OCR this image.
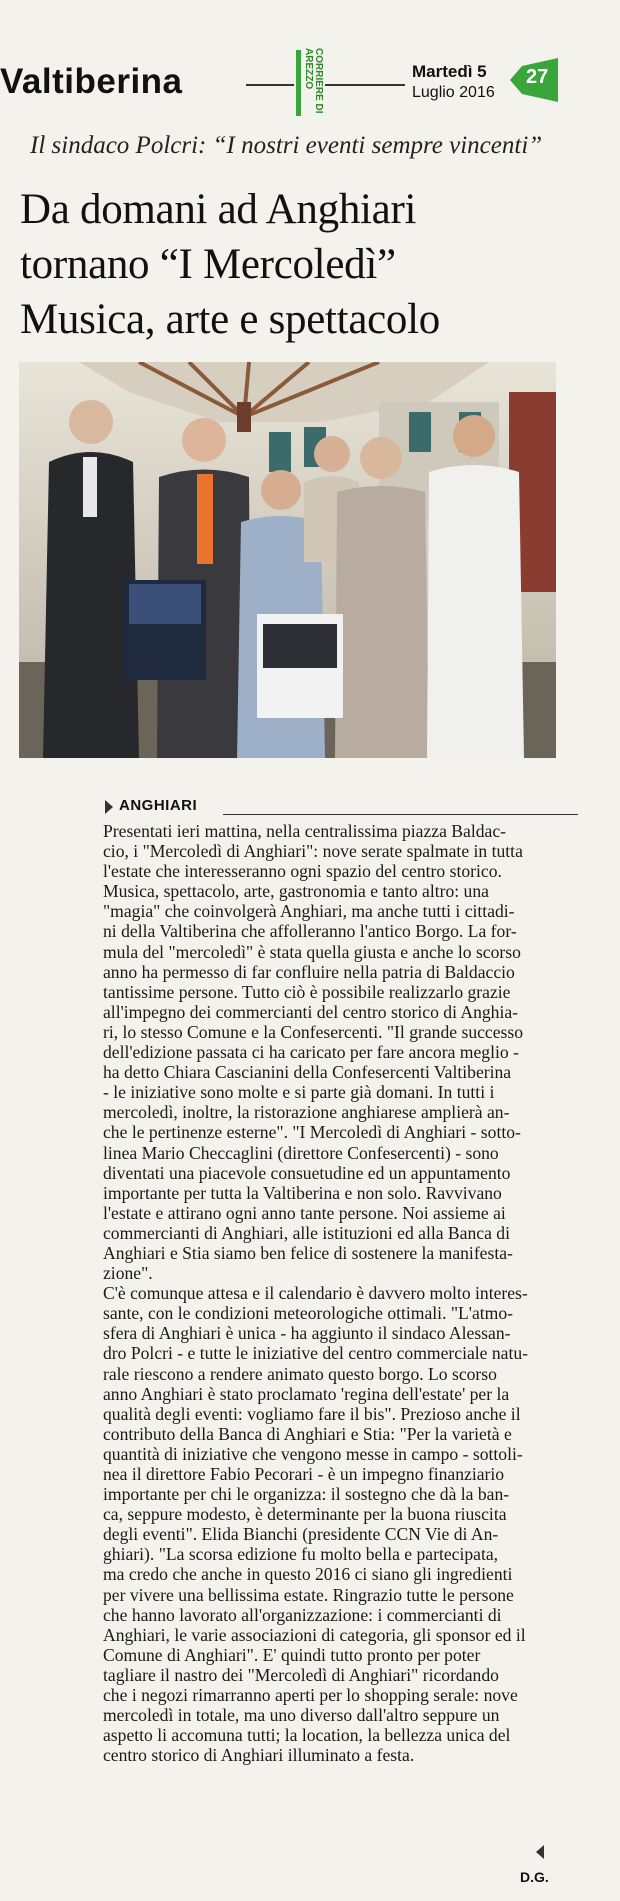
Valtiberina	CORRIERE DI AREZZO	Martedì 5
Luglio 2016
27
Il sindaco Polcri: “I nostri eventi sempre vincenti”
Da domani ad Anghiari
tornano “I Mercoledì”
Musica, arte e spettacolo
ANGHIARI
Presentati ieri mattina, nella centralissima piazza Baldac-
cio, i "Mercoledì di Anghiari": nove serate spalmate in tutta
l'estate che interesseranno ogni spazio del centro storico.
Musica, spettacolo, arte, gastronomia e tanto altro: una
"magia" che coinvolgerà Anghiari, ma anche tutti i cittadi-
ni della Valtiberina che affolleranno l'antico Borgo. La for-
mula del "mercoledì" è stata quella giusta e anche lo scorso
anno ha permesso di far confluire nella patria di Baldaccio
tantissime persone. Tutto ciò è possibile realizzarlo grazie
all'impegno dei commercianti del centro storico di Anghia-
ri, lo stesso Comune e la Confesercenti. "Il grande successo
dell'edizione passata ci ha caricato per fare ancora meglio -
ha detto Chiara Cascianini della Confesercenti Valtiberina
- le iniziative sono molte e si parte già domani. In tutti i
mercoledì, inoltre, la ristorazione anghiarese amplierà an-
che le pertinenze esterne". "I Mercoledì di Anghiari - sotto-
linea Mario Checcaglini (direttore Confesercenti) - sono
diventati una piacevole consuetudine ed un appuntamento
importante per tutta la Valtiberina e non solo. Ravvivano
l'estate e attirano ogni anno tante persone. Noi assieme ai
commercianti di Anghiari, alle istituzioni ed alla Banca di
Anghiari e Stia siamo ben felice di sostenere la manifesta-
zione".
C'è comunque attesa e il calendario è davvero molto interes-
sante, con le condizioni meteorologiche ottimali. "L'atmo-
sfera di Anghiari è unica - ha aggiunto il sindaco Alessan-
dro Polcri - e tutte le iniziative del centro commerciale natu-
rale riescono a rendere animato questo borgo. Lo scorso
anno Anghiari è stato proclamato 'regina dell'estate' per la
qualità degli eventi: vogliamo fare il bis". Prezioso anche il
contributo della Banca di Anghiari e Stia: "Per la varietà e
quantità di iniziative che vengono messe in campo - sottoli-
nea il direttore Fabio Pecorari - è un impegno finanziario
importante per chi le organizza: il sostegno che dà la ban-
ca, seppure modesto, è determinante per la buona riuscita
degli eventi". Elida Bianchi (presidente CCN Vie di An-
ghiari). "La scorsa edizione fu molto bella e partecipata,
ma credo che anche in questo 2016 ci siano gli ingredienti
per vivere una bellissima estate. Ringrazio tutte le persone
che hanno lavorato all'organizzazione: i commercianti di
Anghiari, le varie associazioni di categoria, gli sponsor ed il
Comune di Anghiari". E' quindi tutto pronto per poter
tagliare il nastro dei "Mercoledì di Anghiari" ricordando
che i negozi rimarranno aperti per lo shopping serale: nove
mercoledì in totale, ma uno diverso dall'altro seppure un
aspetto li accomuna tutti; la location, la bellezza unica del
centro storico di Anghiari illuminato a festa.
D.G.
